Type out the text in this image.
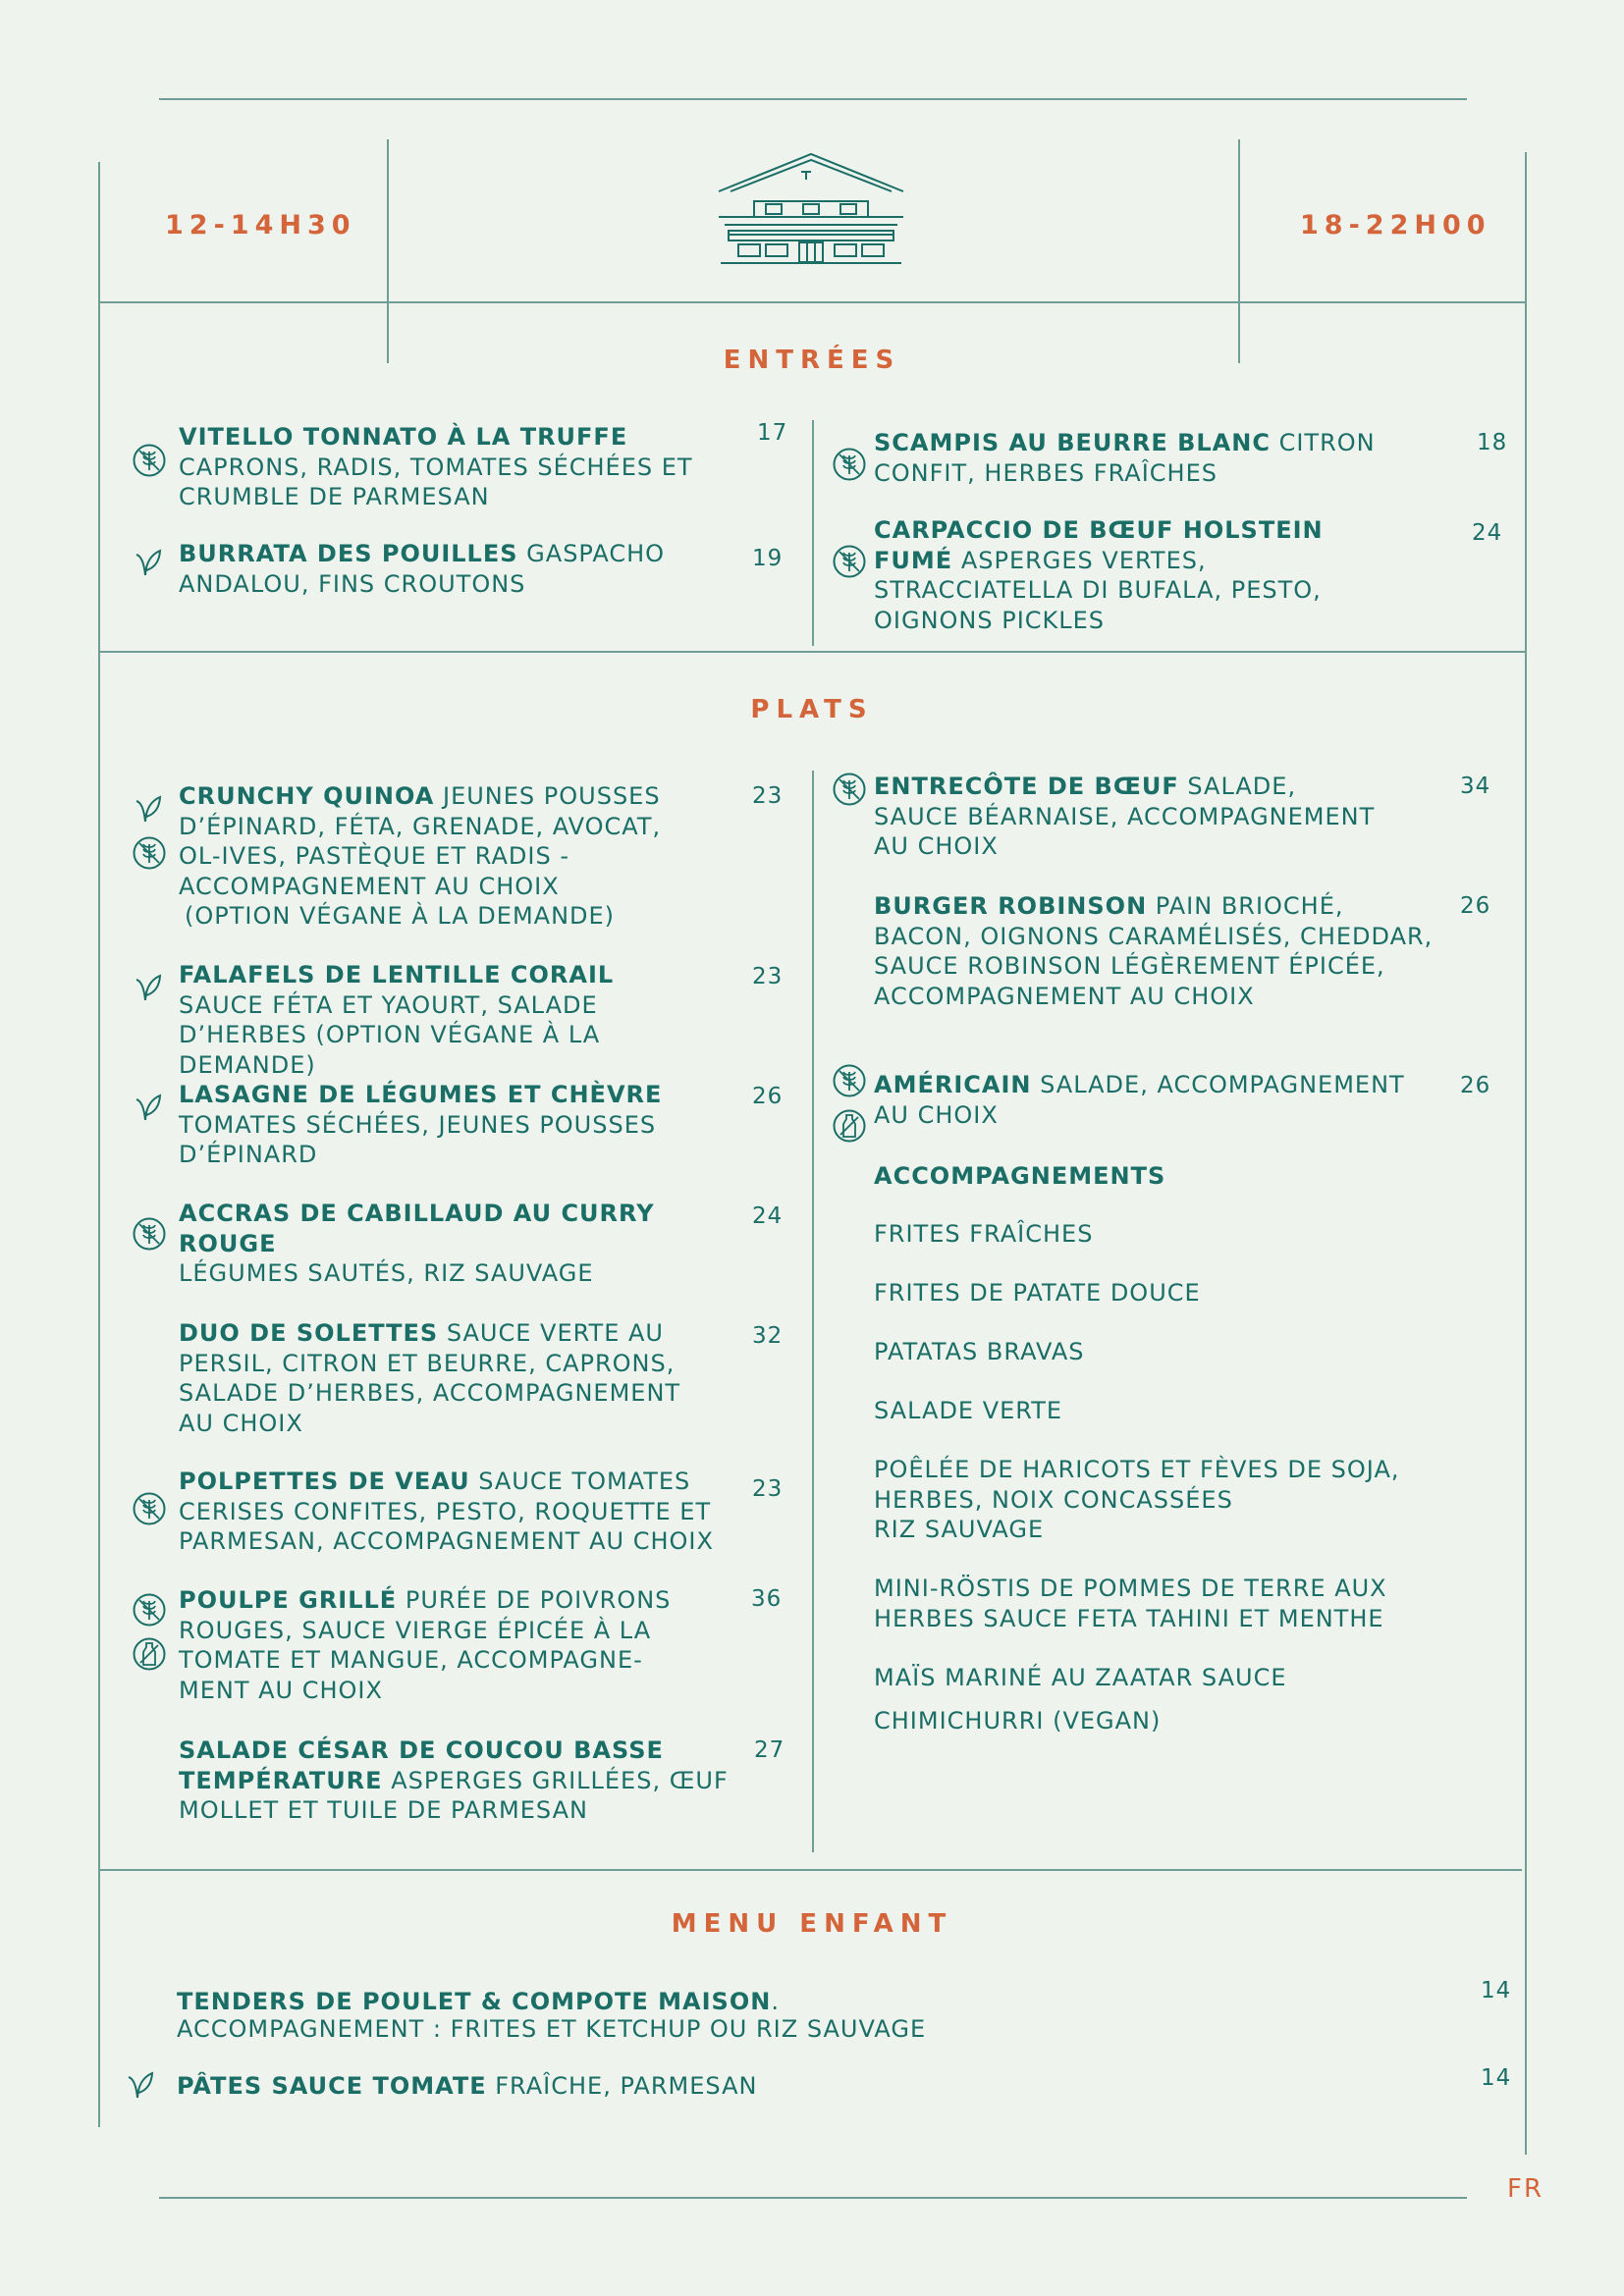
12-14H30	18-22H00
ENTRÉES
VITELLO TONNATO À LA TRUFFE CAPRONS, RADIS, TOMATES SÉCHÉES ET CRUMBLE DE PARMESAN
17
BURRATA DES POUILLES GASPACHO ANDALOU, FINS CROUTONS
19
SCAMPIS AU BEURRE BLANC CITRON CONFIT, HERBES FRAÎCHES
18
CARPACCIO DE BŒUF HOLSTEIN FUMÉ ASPERGES VERTES, STRACCIATELLA DI BUFALA, PESTO, OIGNONS PICKLES
24
PLATS
CRUNCHY QUINOA JEUNES POUSSES D’ÉPINARD, FÉTA, GRENADE, AVOCAT, OL-IVES, PASTÈQUE ET RADIS - ACCOMPAGNEMENT AU CHOIX
(OPTION VÉGANE À LA DEMANDE)
23
FALAFELS DE LENTILLE CORAIL SAUCE FÉTA ET YAOURT, SALADE D’HERBES (OPTION VÉGANE À LA DEMANDE)
23
LASAGNE DE LÉGUMES ET CHÈVRE
TOMATES SÉCHÉES, JEUNES POUSSES D’ÉPINARD
26
ACCRAS DE CABILLAUD AU CURRY ROUGE
LÉGUMES SAUTÉS, RIZ SAUVAGE
24
DUO DE SOLETTES SAUCE VERTE AU PERSIL, CITRON ET BEURRE, CAPRONS, SALADE D’HERBES, ACCOMPAGNEMENT AU CHOIX
32
POLPETTES DE VEAU SAUCE TOMATES CERISES CONFITES, PESTO, ROQUETTE ET PARMESAN, ACCOMPAGNEMENT AU CHOIX
23
POULPE GRILLÉ PURÉE DE POIVRONS ROUGES, SAUCE VIERGE ÉPICÉE À LA TOMATE ET MANGUE, ACCOMPAGNE-MENT AU CHOIX
36
SALADE CÉSAR DE COUCOU BASSE TEMPÉRATURE ASPERGES GRILLÉES, ŒUF MOLLET ET TUILE DE PARMESAN
27
ENTRECÔTE DE BŒUF SALADE, SAUCE BÉARNAISE, ACCOMPAGNEMENT AU CHOIX
34
BURGER ROBINSON PAIN BRIOCHÉ, BACON, OIGNONS CARAMÉLISÉS, CHEDDAR, SAUCE ROBINSON LÉGÈREMENT ÉPICÉE, ACCOMPAGNEMENT AU CHOIX
26
AMÉRICAIN SALADE, ACCOMPAGNEMENT AU CHOIX
26
ACCOMPAGNEMENTS
FRITES FRAÎCHES
FRITES DE PATATE DOUCE
PATATAS BRAVAS
SALADE VERTE
POÊLÉE DE HARICOTS ET FÈVES DE SOJA, HERBES, NOIX CONCASSÉES
RIZ SAUVAGE
MINI-RÖSTIS DE POMMES DE TERRE AUX HERBES SAUCE FETA TAHINI ET MENTHE
MAÏS MARINÉ AU ZAATAR SAUCE
CHIMICHURRI (VEGAN)
MENU ENFANT
TENDERS DE POULET & COMPOTE MAISON.
ACCOMPAGNEMENT : FRITES ET KETCHUP OU RIZ SAUVAGE
14
PÂTES SAUCE TOMATE FRAÎCHE, PARMESAN	14
FR
